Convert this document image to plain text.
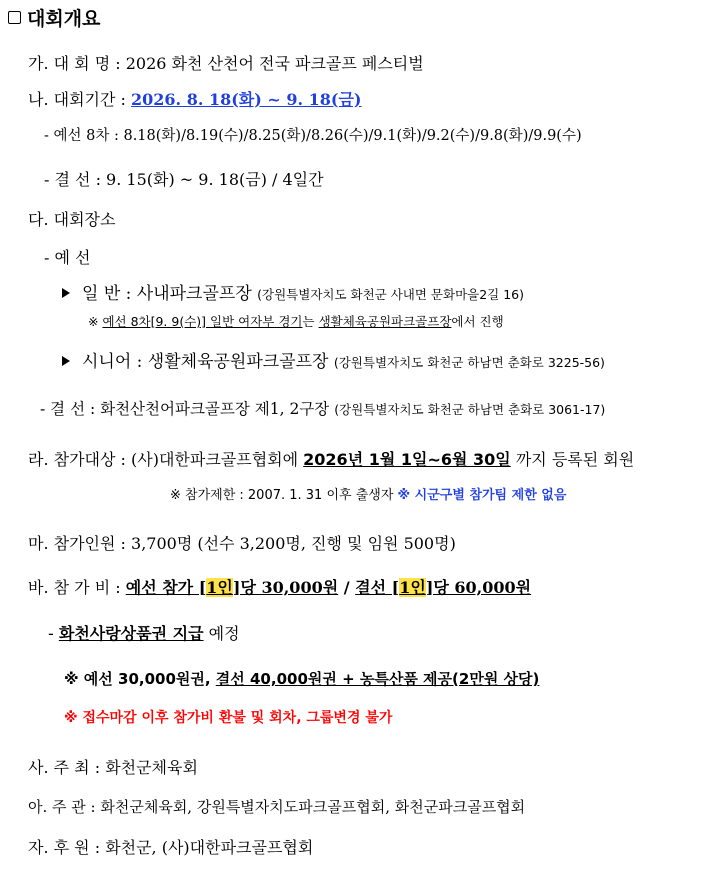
대회개요
가. 대 회 명 : 2026 화천 산천어 전국 파크골프 페스티벌
나. 대회기간 : 2026. 8. 18(화) ~ 9. 18(금)
- 예선 8차 : 8.18(화)/8.19(수)/8.25(화)/8.26(수)/9.1(화)/9.2(수)/9.8(화)/9.9(수)
- 결 선 : 9. 15(화) ~ 9. 18(금) / 4일간
다. 대회장소
- 예 선
일 반 : 사내파크골프장 (강원특별자치도 화천군 사내면 문화마을2길 16)
※ 예선 8차[9. 9(수)] 일반 여자부 경기는 생활체육공원파크골프장에서 진행
시니어 : 생활체육공원파크골프장 (강원특별자치도 화천군 하남면 춘화로 3225-56)
- 결 선 : 화천산천어파크골프장 제1, 2구장 (강원특별자치도 화천군 하남면 춘화로 3061-17)
라. 참가대상 : (사)대한파크골프협회에 2026년 1월 1일~6월 30일 까지 등록된 회원
※ 참가제한 : 2007. 1. 31 이후 출생자 ※ 시군구별 참가팀 제한 없음
마. 참가인원 : 3,700명 (선수 3,200명, 진행 및 임원 500명)
바. 참 가 비 : 예선 참가 [1인]당 30,000원 / 결선 [1인]당 60,000원
- 화천사랑상품권 지급 예정
※ 예선 30,000원권, 결선 40,000원권 + 농특산품 제공(2만원 상당)
※ 접수마감 이후 참가비 환불 및 회차, 그룹변경 불가
사. 주 최 : 화천군체육회
아. 주 관 : 화천군체육회, 강원특별자치도파크골프협회, 화천군파크골프협회
자. 후 원 : 화천군, (사)대한파크골프협회
